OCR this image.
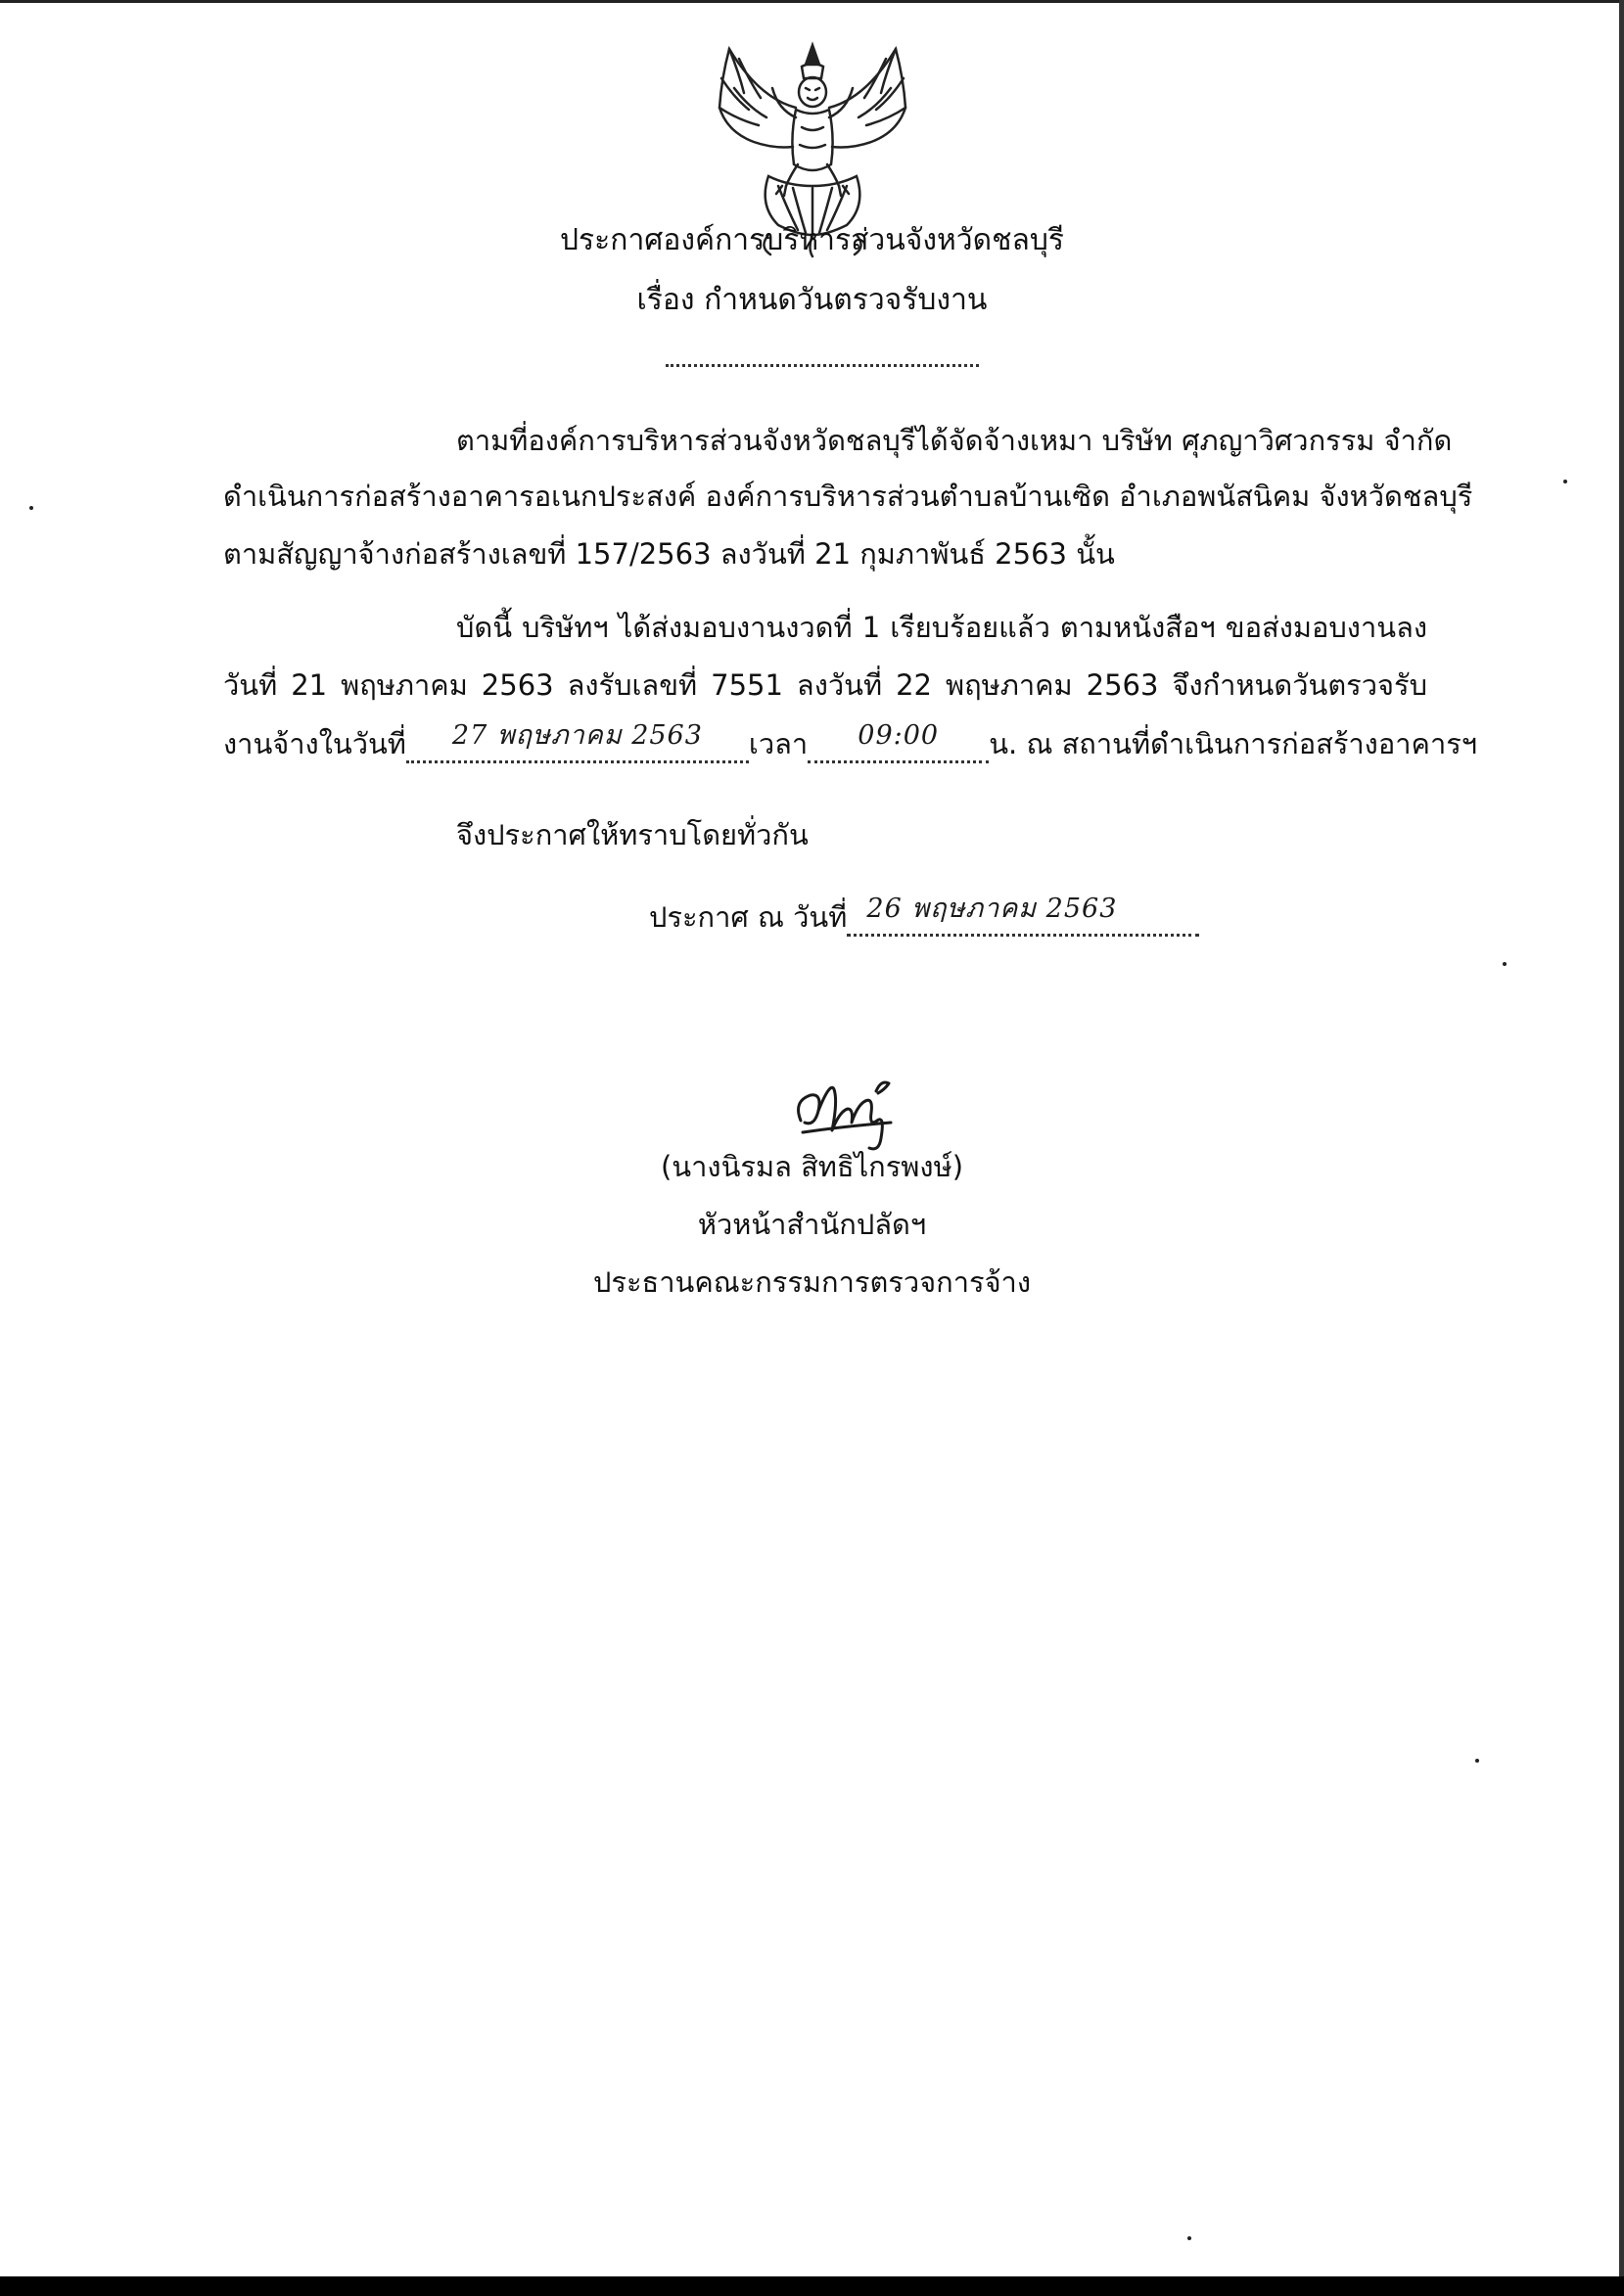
ประกาศองค์การบริหารส่วนจังหวัดชลบุรี

เรื่อง กำหนดวันตรวจรับงาน

ตามที่องค์การบริหารส่วนจังหวัดชลบุรีได้จัดจ้างเหมา บริษัท ศุภญาวิศวกรรม จำกัด

ดำเนินการก่อสร้างอาคารอเนกประสงค์ องค์การบริหารส่วนตำบลบ้านเซิด อำเภอพนัสนิคม จังหวัดชลบุรี

ตามสัญญาจ้างก่อสร้างเลขที่ 157/2563 ลงวันที่ 21 กุมภาพันธ์ 2563 นั้น

บัดนี้ บริษัทฯ ได้ส่งมอบงานงวดที่ 1 เรียบร้อยแล้ว ตามหนังสือฯ ขอส่งมอบงานลง

วันที่ 21 พฤษภาคม 2563 ลงรับเลขที่ 7551 ลงวันที่ 22 พฤษภาคม 2563 จึงกำหนดวันตรวจรับ

งานจ้างในวันที่ 27 พฤษภาคม 2563 เวลา 09:00 น. ณ สถานที่ดำเนินการก่อสร้างอาคารฯ

จึงประกาศให้ทราบโดยทั่วกัน

ประกาศ ณ วันที่ 26 พฤษภาคม 2563

(นางนิรมล สิทธิไกรพงษ์)

หัวหน้าสำนักปลัดฯ

ประธานคณะกรรมการตรวจการจ้าง
